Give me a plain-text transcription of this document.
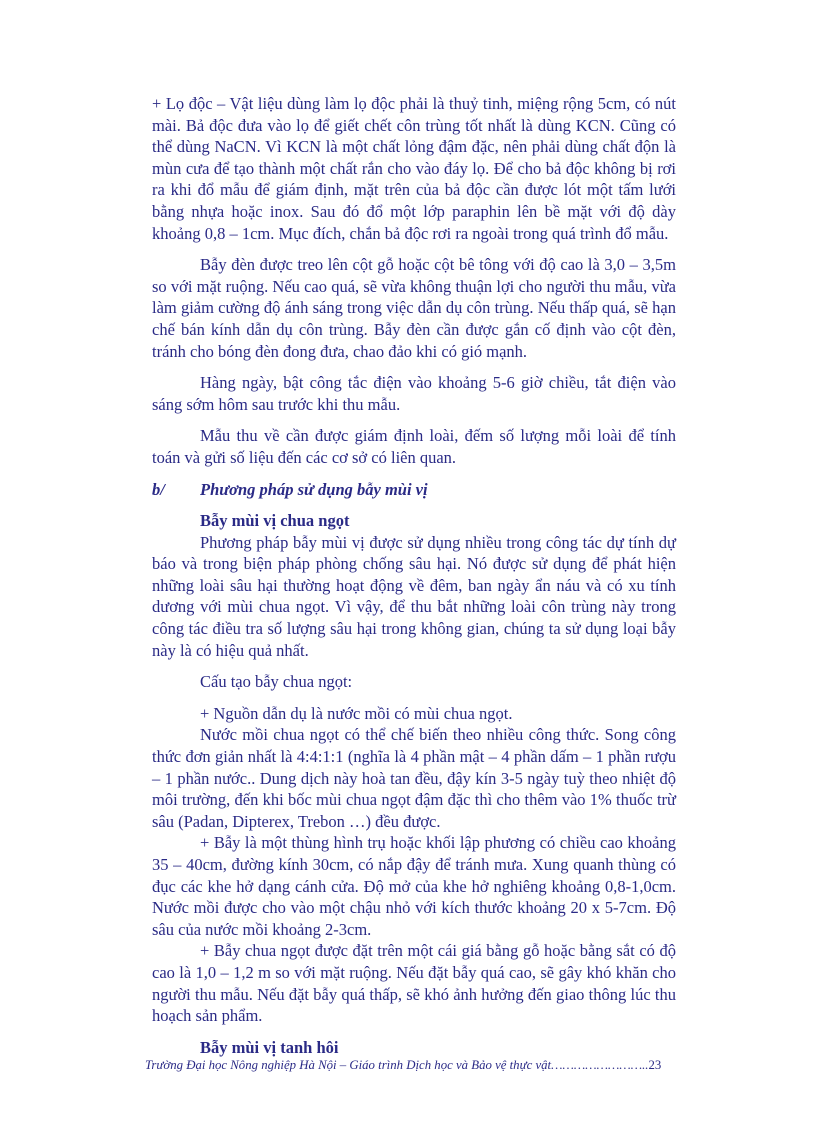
+ Lọ độc – Vật liệu dùng làm lọ độc phải là thuỷ tinh, miệng rộng 5cm, có nút mài. Bả độc đưa vào lọ để giết chết côn trùng tốt nhất là dùng KCN. Cũng có thể dùng NaCN. Vì KCN là một chất lỏng đậm đặc, nên phải dùng chất độn là mùn cưa để tạo thành một chất rắn cho vào đáy lọ. Để cho bả độc không bị rơi ra khi đổ mẫu để giám định, mặt trên của bả độc cần được lót một tấm lưới bằng nhựa hoặc inox. Sau đó đổ một lớp paraphin lên bề mặt với độ dày khoảng 0,8 – 1cm. Mục đích, chắn bả độc rơi ra ngoài trong quá trình đổ mẫu.

Bẫy đèn được treo lên cột gỗ hoặc cột bê tông với độ cao là 3,0 – 3,5m so với mặt ruộng. Nếu cao quá, sẽ vừa không thuận lợi cho người thu mẫu, vừa làm giảm cường độ ánh sáng trong việc dẫn dụ côn trùng. Nếu thấp quá, sẽ hạn chế bán kính dẫn dụ côn trùng. Bẫy đèn cần được gắn cố định vào cột đèn, tránh cho bóng đèn đong đưa, chao đảo khi có gió mạnh.

Hàng ngày, bật công tắc điện vào khoảng 5-6 giờ chiều, tắt điện vào sáng sớm hôm sau trước khi thu mẫu.

Mẫu thu về cần được giám định loài, đếm số lượng mỗi loài để tính toán và gửi số liệu đến các cơ sở có liên quan.

b/	Phương pháp sử dụng bẫy mùi vị
Bẫy mùi vị chua ngọt

Phương pháp bẫy mùi vị được sử dụng nhiều trong công tác dự tính dự báo và trong biện pháp phòng chống sâu hại. Nó được sử dụng để phát hiện những loài sâu hại thường hoạt động về đêm, ban ngày ẩn náu và có xu tính dương với mùi chua ngọt. Vì vậy, để thu bắt những loài côn trùng này trong công tác điều tra số lượng sâu hại trong không gian, chúng ta sử dụng loại bẫy này là có hiệu quả nhất.

Cấu tạo bẫy chua ngọt:

+ Nguồn dẫn dụ là nước mồi có mùi chua ngọt.

Nước mồi chua ngọt có thể chế biến theo nhiều công thức. Song công thức đơn giản nhất là 4:4:1:1 (nghĩa là 4 phần mật – 4 phần dấm – 1 phần rượu – 1 phần nước.. Dung dịch này hoà tan đều, đậy kín 3-5 ngày tuỳ theo nhiệt độ môi trường, đến khi bốc mùi chua ngọt đậm đặc thì cho thêm vào 1% thuốc trừ sâu (Padan, Dipterex, Trebon …) đều được.

+ Bẫy là một thùng hình trụ hoặc khối lập phương có chiều cao khoảng 35 – 40cm, đường kính 30cm, có nắp đậy để tránh mưa. Xung quanh thùng có đục các khe hở dạng cánh cửa. Độ mở của khe hở nghiêng khoảng 0,8-1,0cm. Nước mồi được cho vào một chậu nhỏ với kích thước khoảng 20 x 5-7cm. Độ sâu của nước mồi khoảng 2-3cm.

+ Bẫy chua ngọt được đặt trên một cái giá bằng gỗ hoặc bằng sắt có độ cao là 1,0 – 1,2 m so với mặt ruộng. Nếu đặt bẫy quá cao, sẽ gây khó khăn cho người thu mẫu. Nếu đặt bẫy quá thấp, sẽ khó ảnh hưởng đến giao thông lúc thu hoạch sản phẩm.

Bẫy mùi vị tanh hôi
Trường Đại học Nông nghiệp Hà Nội – Giáo trình Dịch học và Bảo vệ thực vật……………………..23
